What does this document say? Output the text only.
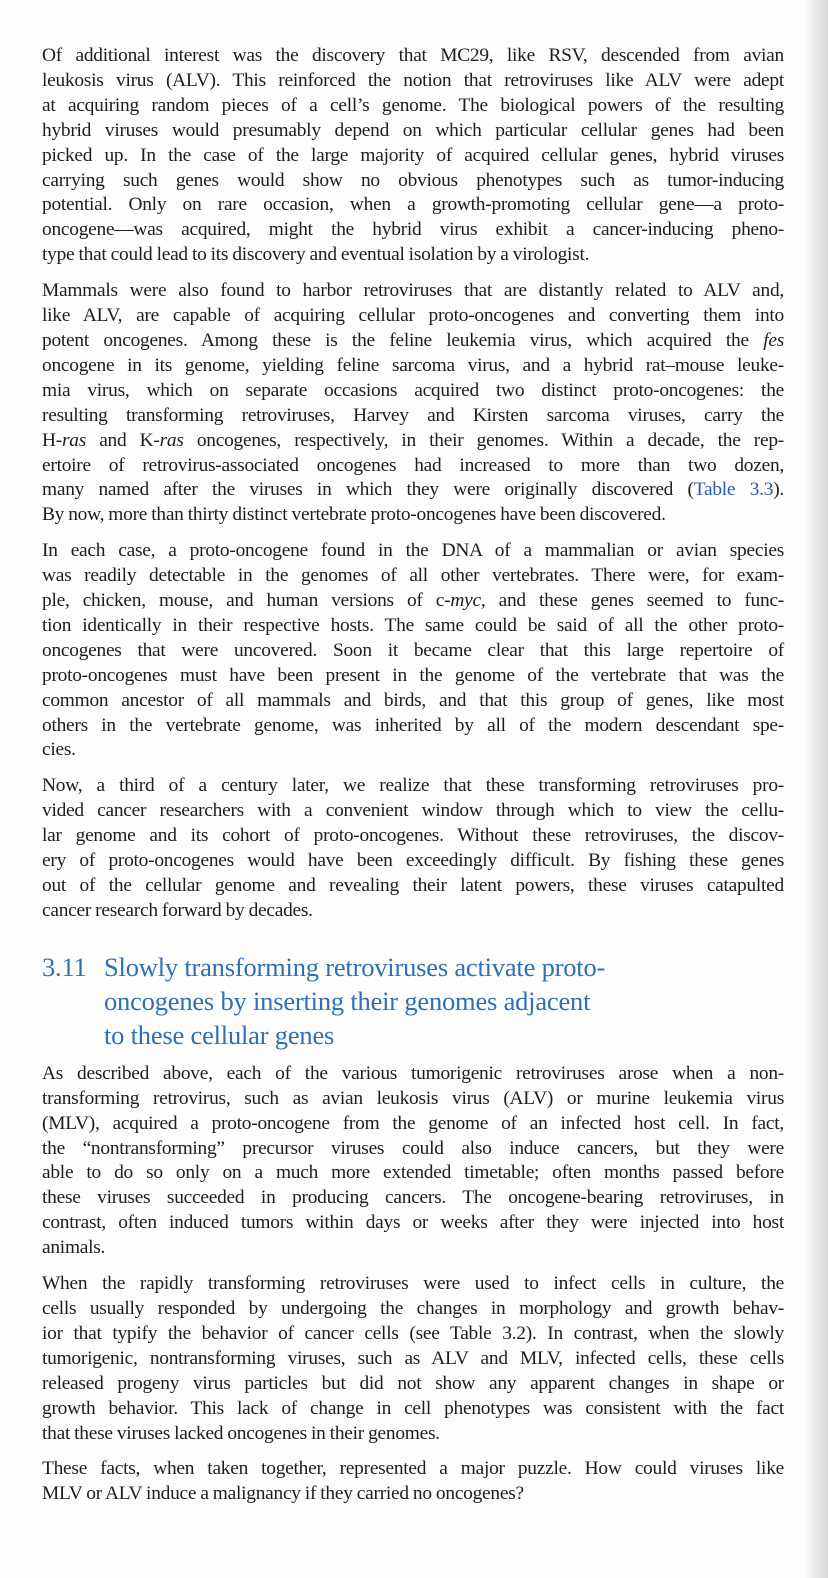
Of additional interest was the discovery that MC29, like RSV, descended from avian
leukosis virus (ALV). This reinforced the notion that retroviruses like ALV were adept
at acquiring random pieces of a cell’s genome. The biological powers of the resulting
hybrid viruses would presumably depend on which particular cellular genes had been
picked up. In the case of the large majority of acquired cellular genes, hybrid viruses
carrying such genes would show no obvious phenotypes such as tumor-inducing
potential. Only on rare occasion, when a growth-promoting cellular gene—a proto-
oncogene—was acquired, might the hybrid virus exhibit a cancer-inducing pheno-
type that could lead to its discovery and eventual isolation by a virologist.

Mammals were also found to harbor retroviruses that are distantly related to ALV and,
like ALV, are capable of acquiring cellular proto-oncogenes and converting them into
potent oncogenes. Among these is the feline leukemia virus, which acquired the fes
oncogene in its genome, yielding feline sarcoma virus, and a hybrid rat–mouse leuke-
mia virus, which on separate occasions acquired two distinct proto-oncogenes: the
resulting transforming retroviruses, Harvey and Kirsten sarcoma viruses, carry the
H-ras and K-ras oncogenes, respectively, in their genomes. Within a decade, the rep-
ertoire of retrovirus-associated oncogenes had increased to more than two dozen,
many named after the viruses in which they were originally discovered (Table 3.3).
By now, more than thirty distinct vertebrate proto-oncogenes have been discovered.

In each case, a proto-oncogene found in the DNA of a mammalian or avian species
was readily detectable in the genomes of all other vertebrates. There were, for exam-
ple, chicken, mouse, and human versions of c-myc, and these genes seemed to func-
tion identically in their respective hosts. The same could be said of all the other proto-
oncogenes that were uncovered. Soon it became clear that this large repertoire of
proto-oncogenes must have been present in the genome of the vertebrate that was the
common ancestor of all mammals and birds, and that this group of genes, like most
others in the vertebrate genome, was inherited by all of the modern descendant spe-
cies.

Now, a third of a century later, we realize that these transforming retroviruses pro-
vided cancer researchers with a convenient window through which to view the cellu-
lar genome and its cohort of proto-oncogenes. Without these retroviruses, the discov-
ery of proto-oncogenes would have been exceedingly difficult. By fishing these genes
out of the cellular genome and revealing their latent powers, these viruses catapulted
cancer research forward by decades.

3.11 Slowly transforming retroviruses activate proto-
oncogenes by inserting their genomes adjacent
to these cellular genes

As described above, each of the various tumorigenic retroviruses arose when a non-
transforming retrovirus, such as avian leukosis virus (ALV) or murine leukemia virus
(MLV), acquired a proto-oncogene from the genome of an infected host cell. In fact,
the “nontransforming” precursor viruses could also induce cancers, but they were
able to do so only on a much more extended timetable; often months passed before
these viruses succeeded in producing cancers. The oncogene-bearing retroviruses, in
contrast, often induced tumors within days or weeks after they were injected into host
animals.

When the rapidly transforming retroviruses were used to infect cells in culture, the
cells usually responded by undergoing the changes in morphology and growth behav-
ior that typify the behavior of cancer cells (see Table 3.2). In contrast, when the slowly
tumorigenic, nontransforming viruses, such as ALV and MLV, infected cells, these cells
released progeny virus particles but did not show any apparent changes in shape or
growth behavior. This lack of change in cell phenotypes was consistent with the fact
that these viruses lacked oncogenes in their genomes.

These facts, when taken together, represented a major puzzle. How could viruses like
MLV or ALV induce a malignancy if they carried no oncogenes?
